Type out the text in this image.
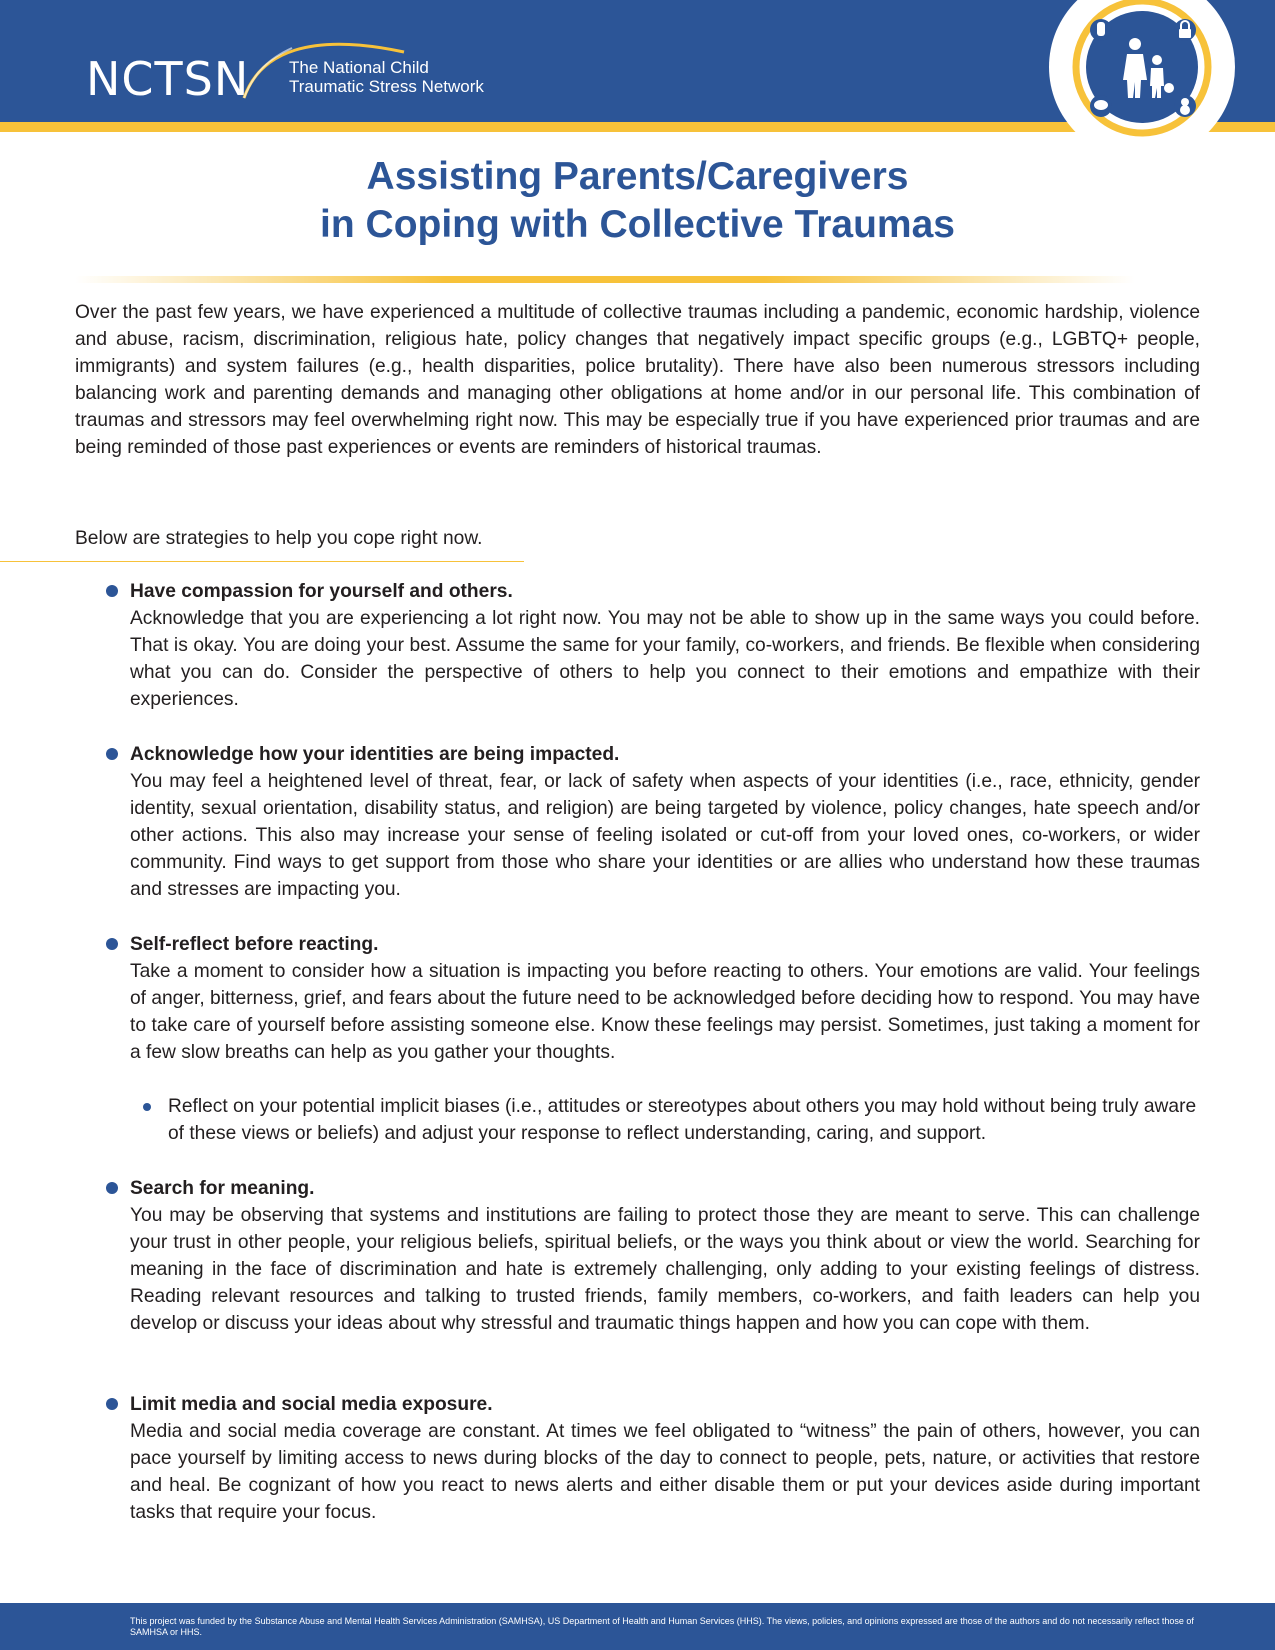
NCTSN The National Child
Traumatic Stress Network
Assisting Parents/Caregivers
in Coping with Collective Traumas

Over the past few years, we have experienced a multitude of collective traumas including a pandemic, economic hardship, violence and abuse, racism, discrimination, religious hate, policy changes that negatively impact specific groups (e.g., LGBTQ+ people, immigrants) and system failures (e.g., health disparities, police brutality). There have also been numerous stressors including balancing work and parenting demands and managing other obligations at home and/or in our personal life. This combination of traumas and stressors may feel overwhelming right now. This may be especially true if you have experienced prior traumas and are being reminded of those past experiences or events are reminders of historical traumas.

Below are strategies to help you cope right now.

Have compassion for yourself and others.
Acknowledge that you are experiencing a lot right now. You may not be able to show up in the same ways you could before. That is okay. You are doing your best. Assume the same for your family, co-workers, and friends. Be flexible when considering what you can do. Consider the perspective of others to help you connect to their emotions and empathize with their experiences.
Acknowledge how your identities are being impacted.
You may feel a heightened level of threat, fear, or lack of safety when aspects of your identities (i.e., race, ethnicity, gender identity, sexual orientation, disability status, and religion) are being targeted by violence, policy changes, hate speech and/or other actions. This also may increase your sense of feeling isolated or cut-off from your loved ones, co-workers, or wider community. Find ways to get support from those who share your identities or are allies who understand how these traumas and stresses are impacting you.
Self-reflect before reacting.
Take a moment to consider how a situation is impacting you before reacting to others. Your emotions are valid. Your feelings of anger, bitterness, grief, and fears about the future need to be acknowledged before deciding how to respond. You may have to take care of yourself before assisting someone else. Know these feelings may persist. Sometimes, just taking a moment for a few slow breaths can help as you gather your thoughts.
Reflect on your potential implicit biases (i.e., attitudes or stereotypes about others you may hold without being truly aware of these views or beliefs) and adjust your response to reflect understanding, caring, and support.
Search for meaning.
You may be observing that systems and institutions are failing to protect those they are meant to serve. This can challenge your trust in other people, your religious beliefs, spiritual beliefs, or the ways you think about or view the world. Searching for meaning in the face of discrimination and hate is extremely challenging, only adding to your existing feelings of distress. Reading relevant resources and talking to trusted friends, family members, co-workers, and faith leaders can help you develop or discuss your ideas about why stressful and traumatic things happen and how you can cope with them.
Limit media and social media exposure.
Media and social media coverage are constant. At times we feel obligated to “witness” the pain of others, however, you can pace yourself by limiting access to news during blocks of the day to connect to people, pets, nature, or activities that restore and heal. Be cognizant of how you react to news alerts and either disable them or put your devices aside during important tasks that require your focus.

This project was funded by the Substance Abuse and Mental Health Services Administration (SAMHSA), US Department of Health and Human Services (HHS). The views, policies, and opinions expressed are those of the authors and do not necessarily reflect those of SAMHSA or HHS.
